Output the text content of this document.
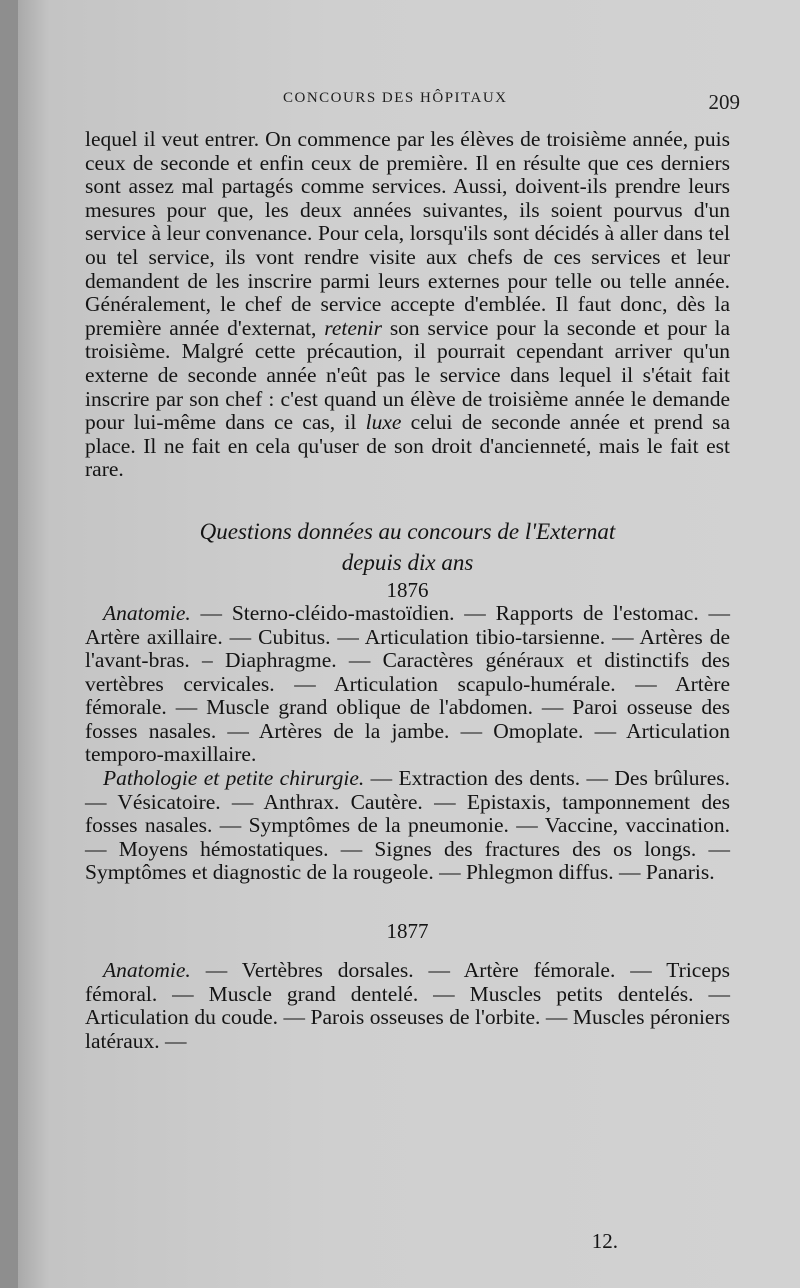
CONCOURS DES HÔPITAUX	209

lequel il veut entrer. On commence par les élèves de troisième année, puis ceux de seconde et enfin ceux de première. Il en résulte que ces derniers sont assez mal partagés comme services. Aussi, doivent-ils prendre leurs mesures pour que, les deux années suivantes, ils soient pourvus d'un service à leur convenance. Pour cela, lorsqu'ils sont décidés à aller dans tel ou tel service, ils vont rendre visite aux chefs de ces services et leur demandent de les inscrire parmi leurs externes pour telle ou telle année. Généralement, le chef de service accepte d'emblée. Il faut donc, dès la première année d'externat, retenir son service pour la seconde et pour la troisième. Malgré cette précaution, il pourrait cependant arriver qu'un externe de seconde année n'eût pas le service dans lequel il s'était fait inscrire par son chef : c'est quand un élève de troisième année le demande pour lui-même dans ce cas, il luxe celui de seconde année et prend sa place. Il ne fait en cela qu'user de son droit d'ancienneté, mais le fait est rare.

Questions données au concours de l'Externat
depuis dix ans

1876

Anatomie. — Sterno-cléido-mastoïdien. — Rapports de l'estomac. — Artère axillaire. — Cubitus. — Articulation tibio-tarsienne. — Artères de l'avant-bras. – Diaphragme. — Caractères généraux et distinctifs des vertèbres cervicales. — Articulation scapulo-humérale. — Artère fémorale. — Muscle grand oblique de l'abdomen. — Paroi osseuse des fosses nasales. — Artères de la jambe. — Omoplate. — Articulation temporo-maxillaire.

Pathologie et petite chirurgie. — Extraction des dents. — Des brûlures. — Vésicatoire. — Anthrax. Cautère. — Epistaxis, tamponnement des fosses nasales. — Symptômes de la pneumonie. — Vaccine, vaccination. — Moyens hémostatiques. — Signes des fractures des os longs. — Symptômes et diagnostic de la rougeole. — Phlegmon diffus. — Panaris.

1877

Anatomie. — Vertèbres dorsales. — Artère fémorale. — Triceps fémoral. — Muscle grand dentelé. — Muscles petits dentelés. — Articulation du coude. — Parois osseuses de l'orbite. — Muscles péroniers latéraux. —

12.
